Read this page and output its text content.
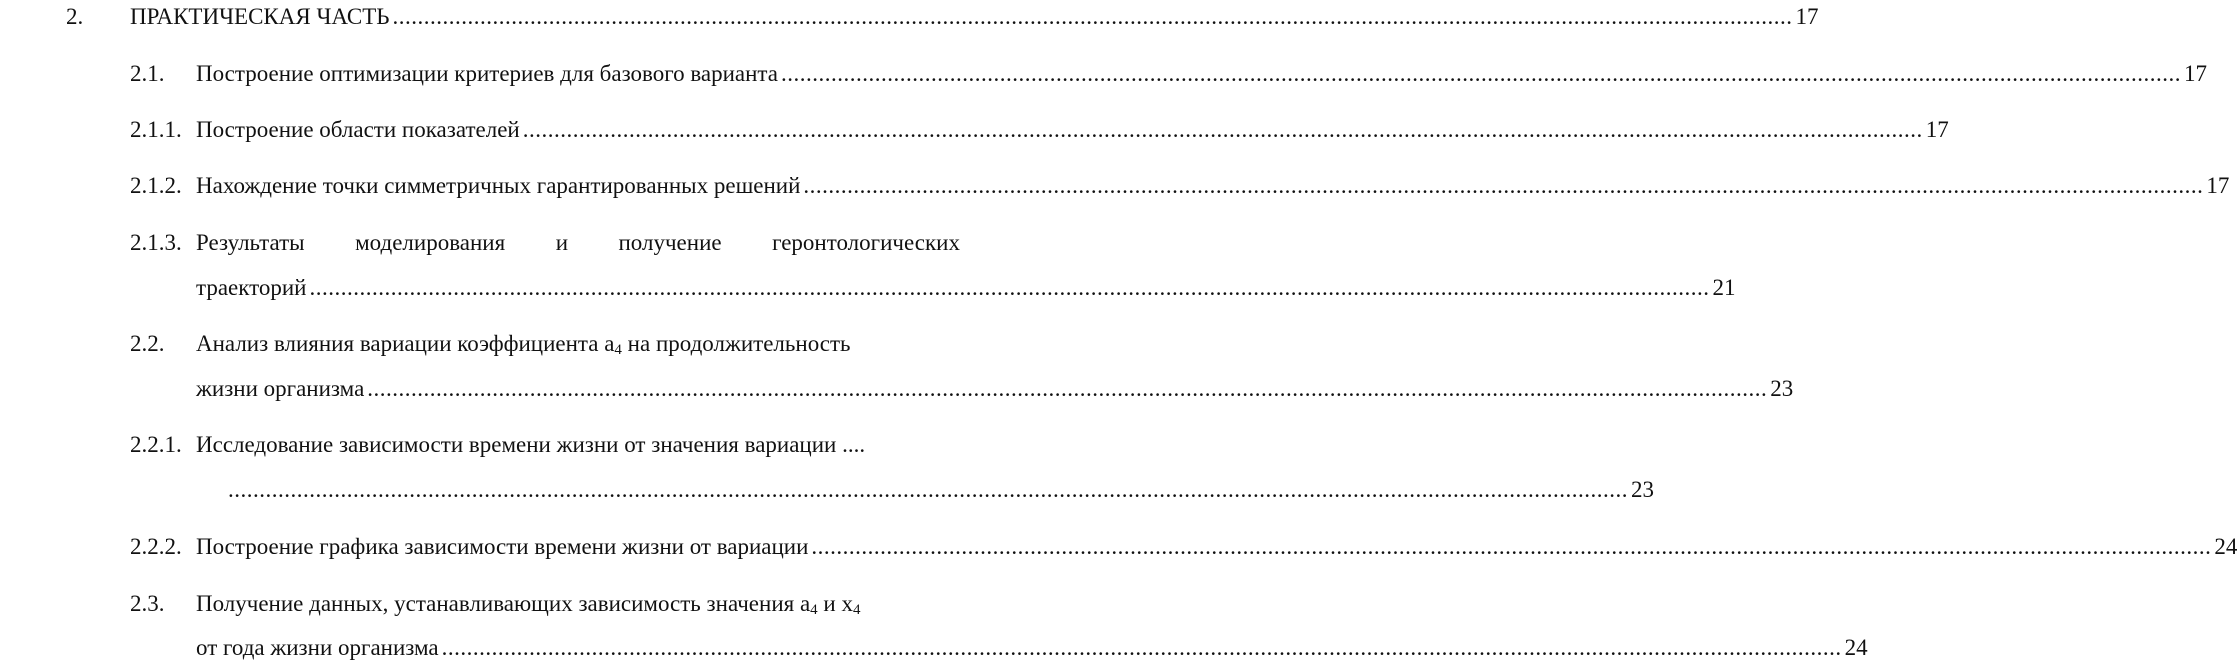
2. ПРАКТИЧЕСКАЯ ЧАСТЬ ................................................................................................................................................................................................................................ 17
2.1. Построение оптимизации критериев для базового варианта ................................................................................................................................................................................................................................ 17
2.1.1. Построение области показателей ................................................................................................................................................................................................................................ 17
2.1.2. Нахождение точки симметричных гарантированных решений ................................................................................................................................................................................................................................ 17
2.1.3. Результаты моделирования и получение геронтологических
траекторий ................................................................................................................................................................................................................................ 21
2.2. Анализ влияния вариации коэффициента а4 на продолжительность
жизни организма ................................................................................................................................................................................................................................ 23
2.2.1. Исследование зависимости времени жизни от значения вариации ....
................................................................................................................................................................................................................................ 23
2.2.2. Построение графика зависимости времени жизни от вариации ................................................................................................................................................................................................................................ 24
2.3. Получение данных, устанавливающих зависимость значения а4 и x4
от года жизни организма ................................................................................................................................................................................................................................ 24
